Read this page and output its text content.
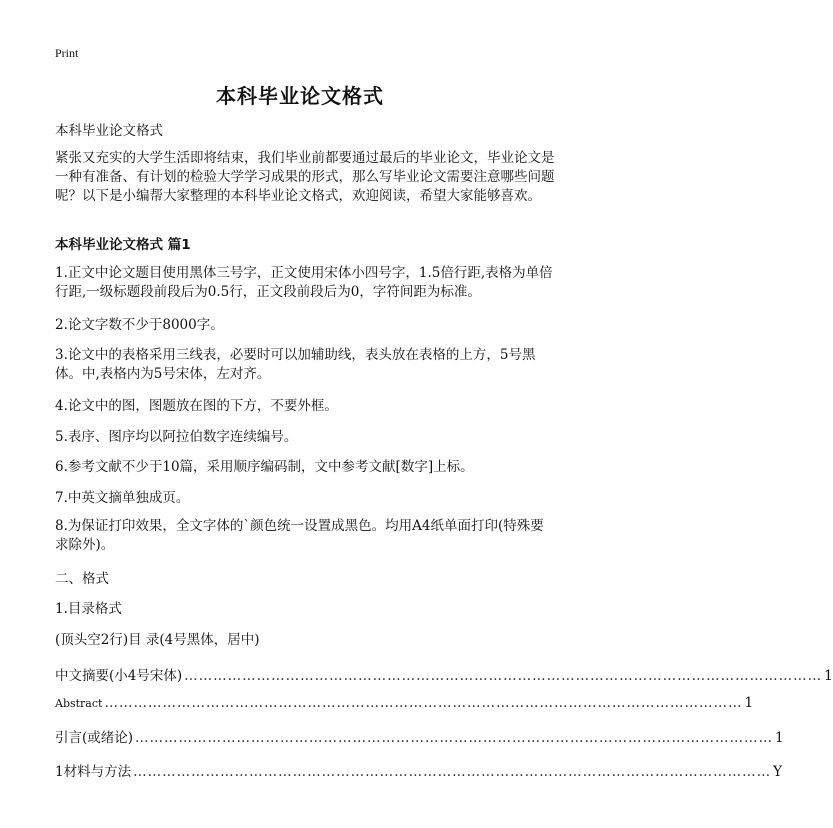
Print
本科毕业论文格式
本科毕业论文格式
紧张又充实的大学生活即将结束，我们毕业前都要通过最后的毕业论文，毕业论文是一种有准备、有计划的检验大学学习成果的形式，那么写毕业论文需要注意哪些问题呢？以下是小编帮大家整理的本科毕业论文格式，欢迎阅读，希望大家能够喜欢。
本科毕业论文格式 篇1
1.正文中论文题目使用黑体三号字，正文使用宋体小四号字，1.5倍行距,表格为单倍行距,一级标题段前段后为0.5行，正文段前段后为0，字符间距为标准。
2.论文字数不少于8000字。
3.论文中的表格采用三线表，必要时可以加辅助线，表头放在表格的上方，5号黑体。中,表格内为5号宋体，左对齐。
4.论文中的图，图题放在图的下方，不要外框。
5.表序、图序均以阿拉伯数字连续编号。
6.参考文献不少于10篇，采用顺序编码制，文中参考文献[数字]上标。
7.中英文摘单独成页。
8.为保证打印效果，全文字体的`颜色统一设置成黑色。均用A4纸单面打印(特殊要求除外)。
二、格式
1.目录格式
(顶头空2行)目 录(4号黑体，居中)
中文摘要(小4号宋体) …………………………………………………………………………………………………………………… 1
Abstract …………………………………………………………………………………………………………………… 1
引言(或绪论) …………………………………………………………………………………………………………………… 1
1材料与方法 …………………………………………………………………………………………………………………… Y
